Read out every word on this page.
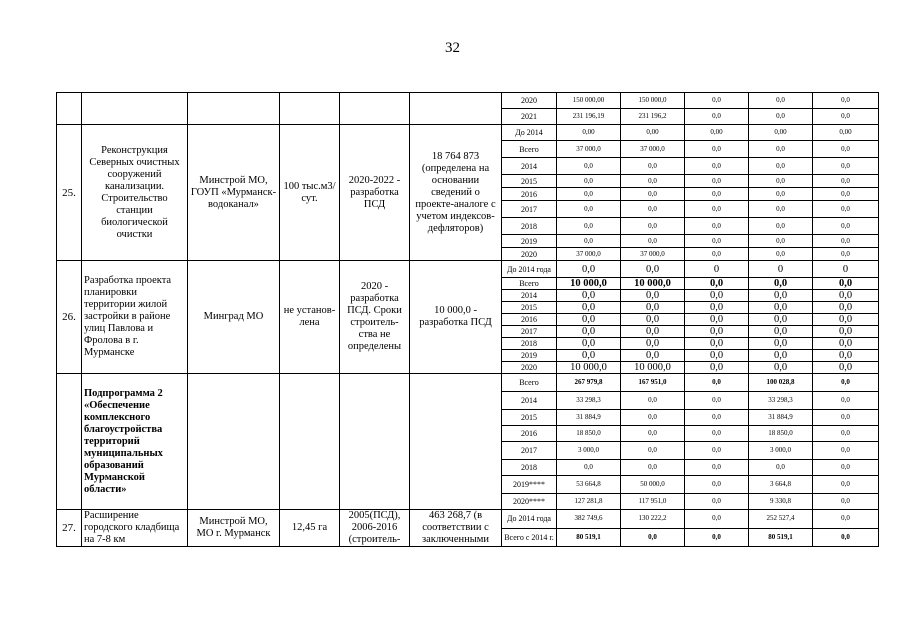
32
						2020	150 000,00	150 000,0	0,0	0,0	0,0
						2021	231 196,19	231 196,2	0,0	0,0	0,0
25.	Реконструкция Северных очистных сооружений канализации. Строительство станции биологической очистки	Минстрой МО, ГОУП «Мурманск-водоканал»	100 тыс.м3/ сут.	2020-2022 - разработка ПСД	18 764 873 (определена на основании сведений о проекте-аналоге с учетом индексов-дефляторов)	До 2014	0,00	0,00	0,00	0,00	0,00
						Всего	37 000,0	37 000,0	0,0	0,0	0,0
						2014	0,0	0,0	0,0	0,0	0,0
						2015	0,0	0,0	0,0	0,0	0,0
						2016	0,0	0,0	0,0	0,0	0,0
						2017	0,0	0,0	0,0	0,0	0,0
						2018	0,0	0,0	0,0	0,0	0,0
						2019	0,0	0,0	0,0	0,0	0,0
						2020	37 000,0	37 000,0	0,0	0,0	0,0
26.	Разработка проекта планировки территории жилой застройки в районе улиц Павлова и Фролова в г. Мурманске	Минград МО	не установ-лена	2020 - разработка ПСД. Сроки строитель-ства не определены	10 000,0 - разработка ПСД	До 2014 года	0,0	0,0	0	0	0
						Всего	10 000,0	10 000,0	0,0	0,0	0,0
						2014	0,0	0,0	0,0	0,0	0,0
						2015	0,0	0,0	0,0	0,0	0,0
						2016	0,0	0,0	0,0	0,0	0,0
						2017	0,0	0,0	0,0	0,0	0,0
						2018	0,0	0,0	0,0	0,0	0,0
						2019	0,0	0,0	0,0	0,0	0,0
						2020	10 000,0	10 000,0	0,0	0,0	0,0
	Подпрограмма 2 «Обеспечение комплексного благоустройства территорий муниципальных образований Мурманской области»					Всего	267 979,8	167 951,0	0,0	100 028,8	0,0
						2014	33 298,3	0,0	0,0	33 298,3	0,0
						2015	31 884,9	0,0	0,0	31 884,9	0,0
						2016	18 850,0	0,0	0,0	18 850,0	0,0
						2017	3 000,0	0,0	0,0	3 000,0	0,0
						2018	0,0	0,0	0,0	0,0	0,0
						2019****	53 664,8	50 000,0	0,0	3 664,8	0,0
						2020****	127 281,8	117 951,0	0,0	9 330,8	0,0
27.	Расширение городского кладбища на 7-8 км	Минстрой МО, МО г. Мурманск	12,45 га	2005(ПСД), 2006-2016 (строитель-	463 268,7 (в соответствии с заключенными	До 2014 года	382 749,6	130 222,2	0,0	252 527,4	0,0
						Всего с 2014 г.	80 519,1	0,0	0,0	80 519,1	0,0
